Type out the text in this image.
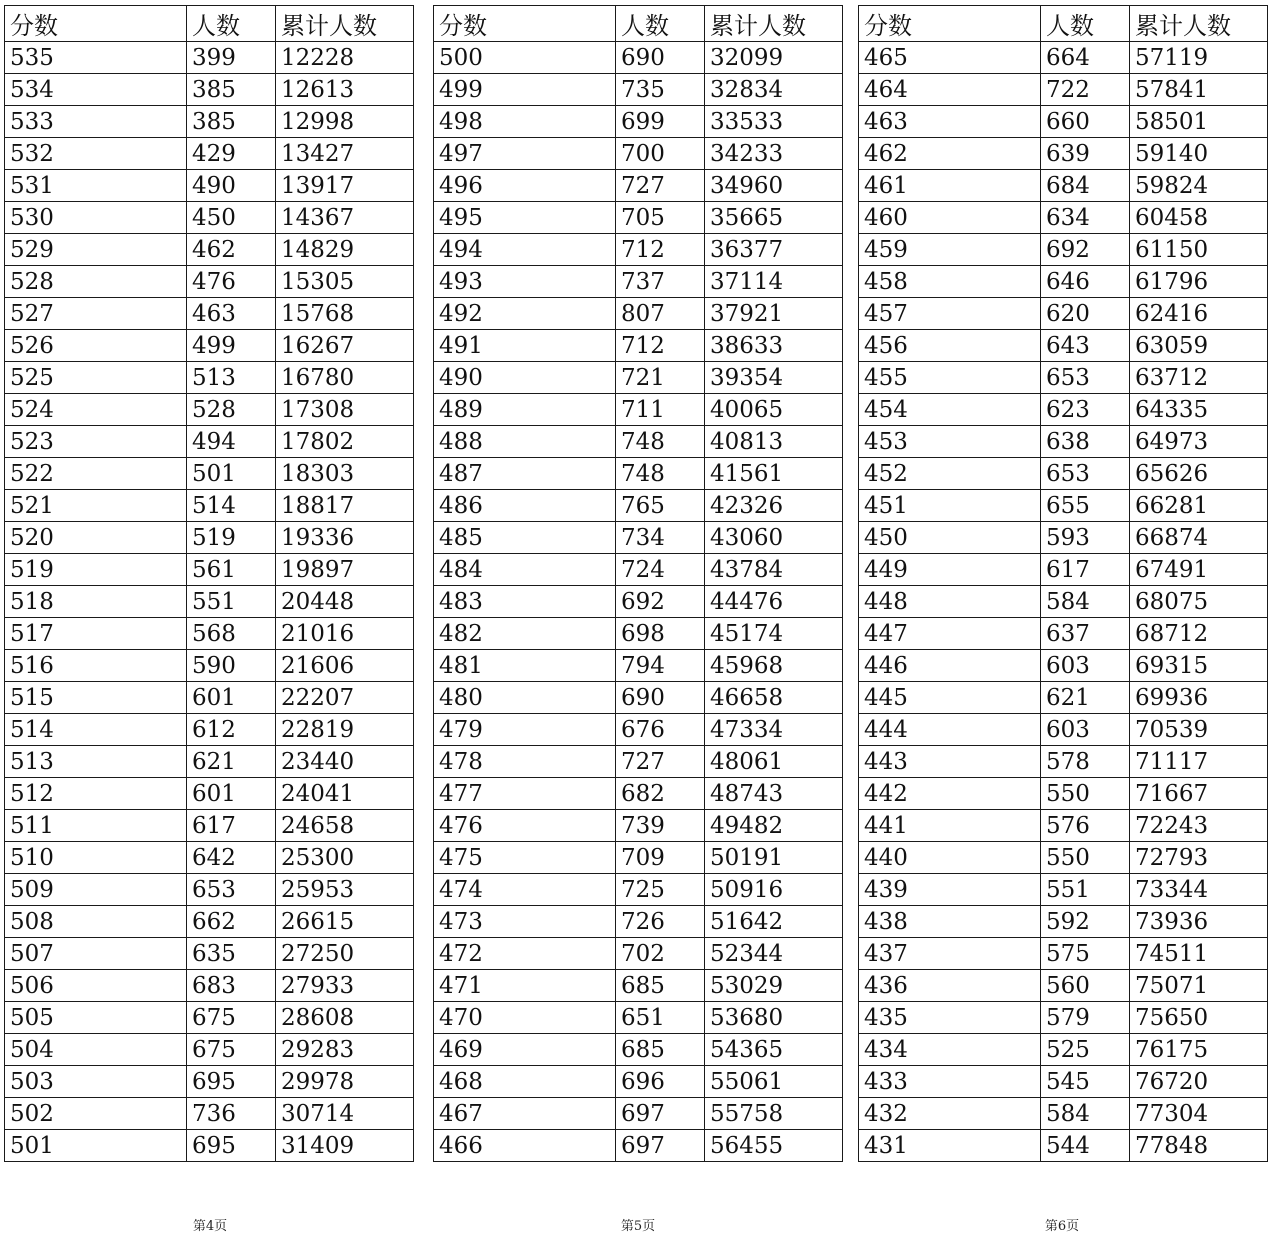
分数	人数	累计人数
535	399	12228
534	385	12613
533	385	12998
532	429	13427
531	490	13917
530	450	14367
529	462	14829
528	476	15305
527	463	15768
526	499	16267
525	513	16780
524	528	17308
523	494	17802
522	501	18303
521	514	18817
520	519	19336
519	561	19897
518	551	20448
517	568	21016
516	590	21606
515	601	22207
514	612	22819
513	621	23440
512	601	24041
511	617	24658
510	642	25300
509	653	25953
508	662	26615
507	635	27250
506	683	27933
505	675	28608
504	675	29283
503	695	29978
502	736	30714
501	695	31409
分数	人数	累计人数
500	690	32099
499	735	32834
498	699	33533
497	700	34233
496	727	34960
495	705	35665
494	712	36377
493	737	37114
492	807	37921
491	712	38633
490	721	39354
489	711	40065
488	748	40813
487	748	41561
486	765	42326
485	734	43060
484	724	43784
483	692	44476
482	698	45174
481	794	45968
480	690	46658
479	676	47334
478	727	48061
477	682	48743
476	739	49482
475	709	50191
474	725	50916
473	726	51642
472	702	52344
471	685	53029
470	651	53680
469	685	54365
468	696	55061
467	697	55758
466	697	56455
分数	人数	累计人数
465	664	57119
464	722	57841
463	660	58501
462	639	59140
461	684	59824
460	634	60458
459	692	61150
458	646	61796
457	620	62416
456	643	63059
455	653	63712
454	623	64335
453	638	64973
452	653	65626
451	655	66281
450	593	66874
449	617	67491
448	584	68075
447	637	68712
446	603	69315
445	621	69936
444	603	70539
443	578	71117
442	550	71667
441	576	72243
440	550	72793
439	551	73344
438	592	73936
437	575	74511
436	560	75071
435	579	75650
434	525	76175
433	545	76720
432	584	77304
431	544	77848
第4页	第5页	第6页
